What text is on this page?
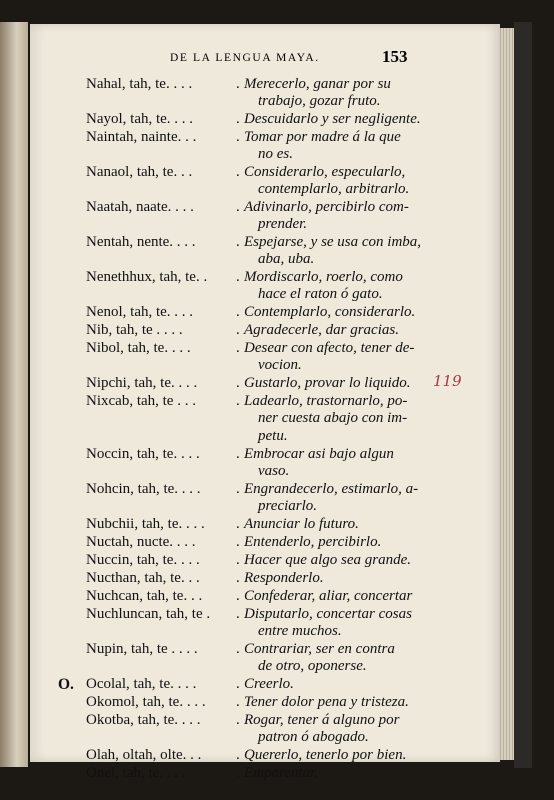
DE LA LENGUA MAYA.	153
Nahal, tah, te. . . .	. Merecerlo, ganar por su
trabajo, gozar fruto.
Nayol, tah, te. . . .	. Descuidarlo y ser negligente.
Naintah, nainte. . .	. Tomar por madre á la que
no es.
Nanaol, tah, te. . .	. Considerarlo, especularlo,
contemplarlo, arbitrarlo.
Naatah, naate. . . .	. Adivinarlo, percibirlo com-
prender.
Nentah, nente. . . .	. Espejarse, y se usa con imba,
aba, uba.
Nenethhux, tah, te. .	. Mordiscarlo, roerlo, como
hace el raton ó gato.
Nenol, tah, te. . . .	. Contemplarlo, considerarlo.
Nib, tah, te . . . .	. Agradecerle, dar gracias.
Nibol, tah, te. . . .	. Desear con afecto, tener de-
vocion.
Nipchi, tah, te. . . .	. Gustarlo, provar lo liquido.
Nixcab, tah, te . . .	. Ladearlo, trastornarlo, po-
ner cuesta abajo con im-
petu.
Noccin, tah, te. . . .	. Embrocar asi bajo algun
vaso.
Nohcin, tah, te. . . .	. Engrandecerlo, estimarlo, a-
preciarlo.
Nubchii, tah, te. . . .	. Anunciar lo futuro.
Nuctah, nucte. . . .	. Entenderlo, percibirlo.
Nuccin, tah, te. . . .	. Hacer que algo sea grande.
Nucthan, tah, te. . .	. Responderlo.
Nuchcan, tah, te. . .	. Confederar, aliar, concertar
Nuchluncan, tah, te .	. Disputarlo, concertar cosas
entre muchos.
Nupin, tah, te . . . .	. Contrariar, ser en contra
de otro, oponerse.
O. Ocolal, tah, te. . . .	. Creerlo.
Okomol, tah, te. . . .	. Tener dolor pena y tristeza.
Okotba, tah, te. . . .	. Rogar, tener á alguno por
patron ó abogado.
Olah, oltah, olte. . .	. Quererlo, tenerlo por bien.
Onel, tah, te. . . .	. Emparentar.
119
